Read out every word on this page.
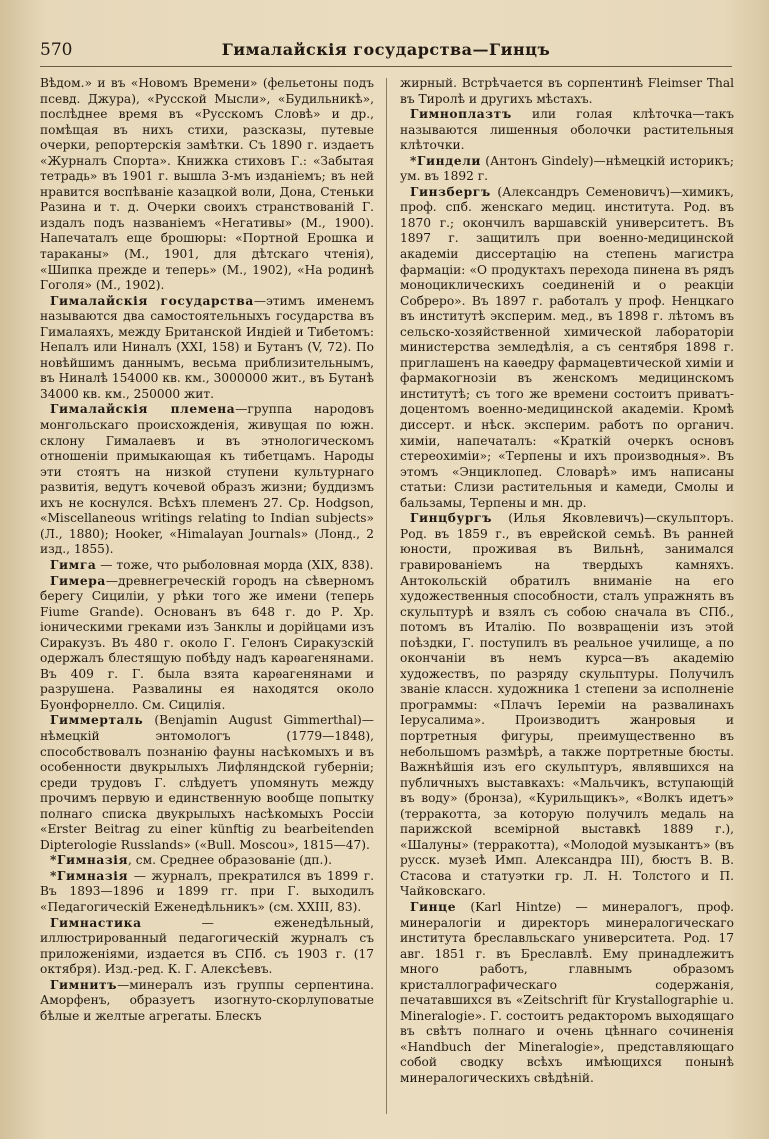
570	Гималайскія государства—Гинцъ

Вѣдом.» и въ «Новомъ Времени» (фельетоны подъ псевд. Джура), «Русской Мысли», «Будильникѣ», послѣднее время въ «Русскомъ Словѣ» и др., помѣщая въ нихъ стихи, разсказы, путевые очерки, репортерскія замѣтки. Съ 1890 г. издаетъ «Журналъ Спорта». Книжка стиховъ Г.: «Забытая тетрадь» въ 1901 г. вышла 3-мъ изданіемъ; въ ней нравится воспѣваніе казацкой воли, Дона, Стеньки Разина и т. д. Очерки своихъ странствованій Г. издалъ подъ названіемъ «Негативы» (М., 1900). Напечаталъ еще брошюры: «Портной Ерошка и тараканы» (М., 1901, для дѣтскаго чтенія), «Шипка прежде и теперь» (М., 1902), «На родинѣ Гоголя» (М., 1902).

Гималайскія государства—этимъ именемъ называются два самостоятельныхъ государства въ Гималаяхъ, между Британской Индіей и Тибетомъ: Непалъ или Ниналъ (XXI, 158) и Бутанъ (V, 72). По новѣйшимъ даннымъ, весьма приблизительнымъ, въ Ниналѣ 154000 кв. км., 3000000 жит., въ Бутанѣ 34000 кв. км., 250000 жит.

Гималайскія племена—группа народовъ монгольскаго происхожденія, живущая по южн. склону Гималаевъ и въ этнологическомъ отношеніи примыкающая къ тибетцамъ. Народы эти стоятъ на низкой ступени культурнаго развитія, ведутъ кочевой образъ жизни; буддизмъ ихъ не коснулся. Всѣхъ племенъ 27. Ср. Hodgson, «Miscellaneous writings relating to Indian subjects» (Л., 1880); Hooker, «Himalayan Journals» (Лонд., 2 изд., 1855).

Гимга — тоже, что рыболовная морда (XIX, 838).

Гимера—древнегреческій городъ на сѣверномъ берегу Сициліи, у рѣки того же имени (теперь Fiume Grande). Основанъ въ 648 г. до Р. Хр. іоническими греками изъ Занклы и дорійцами изъ Сиракузъ. Въ 480 г. около Г. Гелонъ Сиракузскій одержалъ блестящую побѣду надъ карѳагенянами. Въ 409 г. Г. была взята карѳагенянами и разрушена. Развалины ея находятся около Буонфорнелло. См. Сицилія.

Гиммерталь (Benjamin August Gimmerthal)—нѣмецкій энтомологъ (1779—1848), способствовалъ познанію фауны насѣкомыхъ и въ особенности двукрылыхъ Лифляндской губерніи; среди трудовъ Г. слѣдуетъ упомянуть между прочимъ первую и единственную вообще попытку полнаго списка двукрылыхъ насѣкомыхъ Россіи «Erster Beitrag zu einer künftig zu bearbeitenden Dipterologie Russlands» («Bull. Moscou», 1815—47).

*Гимназія, см. Среднее образованіе (дп.).

*Гимназія — журналъ, прекратился въ 1899 г. Въ 1893—1896 и 1899 гг. при Г. выходилъ «Педагогическій Еженедѣльникъ» (см. XXIII, 83).

Гимнастика — еженедѣльный, иллюстрированный педагогическій журналъ съ приложеніями, издается въ СПб. съ 1903 г. (17 октября). Изд.-ред. К. Г. Алексѣевъ.

Гимнитъ—минералъ изъ группы серпентина. Аморфенъ, образуетъ изогнуто-скорлуповатые бѣлые и желтые агрегаты. Блескъ

жирный. Встрѣчается въ сорпентинѣ Fleimser Thal въ Тиролѣ и другихъ мѣстахъ.

Гимноплазтъ или голая клѣточка—такъ называются лишенныя оболочки растительныя клѣточки.

*Гиндели (Антонъ Gindely)—нѣмецкій историкъ; ум. въ 1892 г.

Гинзбергъ (Александръ Семеновичъ)—химикъ, проф. спб. женскаго медиц. института. Род. въ 1870 г.; окончилъ варшавскій университетъ. Въ 1897 г. защитилъ при военно-медицинской академіи диссертацію на степень магистра фармаціи: «О продуктахъ перехода пинена въ рядъ моноциклическихъ соединеній и о реакціи Собрерo». Въ 1897 г. работалъ у проф. Ненцкаго въ институтѣ эксперим. мед., въ 1898 г. лѣтомъ въ сельско-хозяйственной химической лабораторіи министерства земледѣлія, а съ сентября 1898 г. приглашенъ на каѳедру фармацевтической химіи и фармакогнозіи въ женскомъ медицинскомъ институтѣ; съ того же времени состоитъ приватъ-доцентомъ военно-медицинской академіи. Кромѣ диссерт. и нѣск. эксперим. работъ по органич. химіи, напечаталъ: «Краткій очеркъ основъ стереохиміи»; «Терпены и ихъ производныя». Въ этомъ «Энциклопед. Словарѣ» имъ написаны статьи: Слизи растительныя и камеди, Смолы и бальзамы, Терпены и мн. др.

Гинцбургъ (Илья Яковлевичъ)—скульпторъ. Род. въ 1859 г., въ еврейской семьѣ. Въ ранней юности, проживая въ Вильнѣ, занимался гравированіемъ на твердыхъ камняхъ. Антокольскій обратилъ вниманіе на его художественныя способности, сталъ упражнять въ скульптурѣ и взялъ съ собою сначала въ СПб., потомъ въ Италію. По возвращеніи изъ этой поѣздки, Г. поступилъ въ реальное училище, а по окончаніи въ немъ курса—въ академію художествъ, по разряду скульптуры. Получилъ званіе классн. художника 1 степени за исполненіе программы: «Плачъ Іереміи на развалинахъ Іерусалима». Производитъ жанровыя и портретныя фигуры, преимущественно въ небольшомъ размѣрѣ, а также портретные бюсты. Важнѣйшія изъ его скульптуръ, являвшихся на публичныхъ выставкахъ: «Мальчикъ, вступающій въ воду» (бронза), «Курильщикъ», «Волкъ идетъ» (терракотта, за которую получилъ медаль на парижской всемірной выставкѣ 1889 г.), «Шалуны» (терракотта), «Молодой музыкантъ» (въ русск. музеѣ Имп. Александра III), бюстъ В. В. Стасова и статуэтки гр. Л. Н. Толстого и П. Чайковскаго.

Гинце (Karl Hintze) — минералогъ, проф. минералогіи и директоръ минералогическаго института бреславльскаго университета. Род. 17 авг. 1851 г. въ Бреславлѣ. Ему принадлежитъ много работъ, главнымъ образомъ кристаллографическаго содержанія, печатавшихся въ «Zeitschrift für Krystallographie u. Mineralogie». Г. состоитъ редакторомъ выходящаго въ свѣтъ полнаго и очень цѣннаго сочиненія «Handbuch der Mineralogie», представляющаго собой сводку всѣхъ имѣющихся понынѣ минералогическихъ свѣдѣній.
